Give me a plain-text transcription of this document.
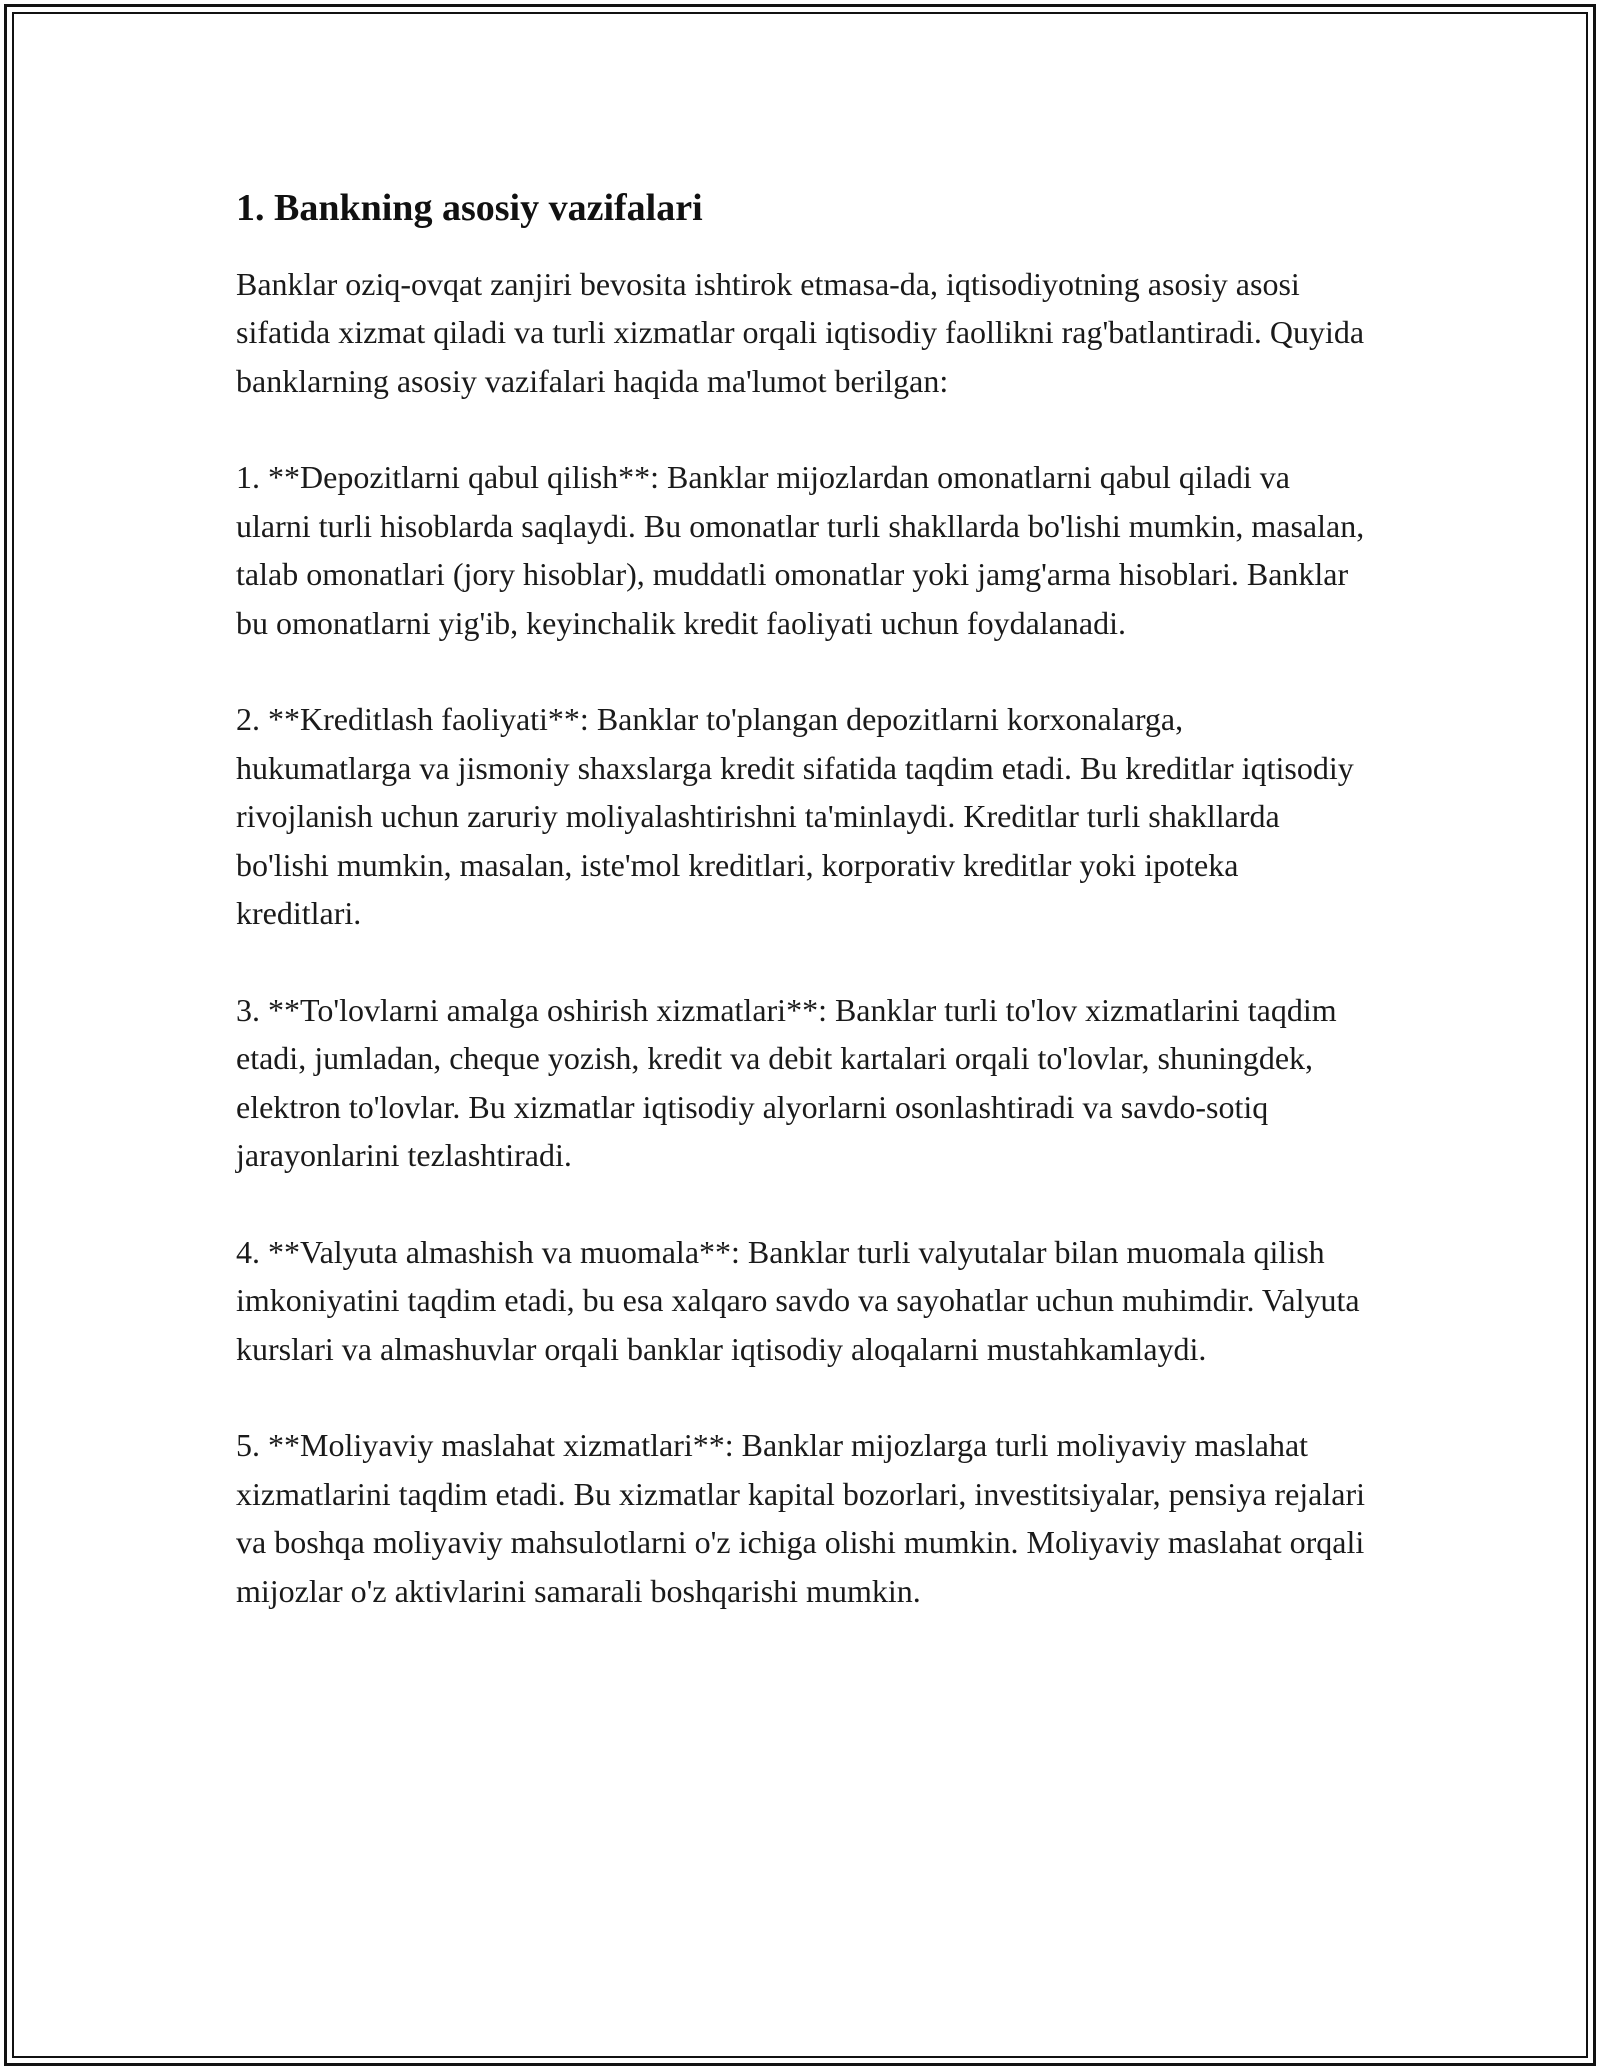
1. Bankning asosiy vazifalari

Banklar oziq-ovqat zanjiri bevosita ishtirok etmasa-da, iqtisodiyotning asosiy asosi sifatida xizmat qiladi va turli xizmatlar orqali iqtisodiy faollikni rag'batlantiradi. Quyida banklarning asosiy vazifalari haqida ma'lumot berilgan:

1. **Depozitlarni qabul qilish**: Banklar mijozlardan omonatlarni qabul qiladi va ularni turli hisoblarda saqlaydi. Bu omonatlar turli shakllarda bo'lishi mumkin, masalan, talab omonatlari (jory hisoblar), muddatli omonatlar yoki jamg'arma hisoblari. Banklar bu omonatlarni yig'ib, keyinchalik kredit faoliyati uchun foydalanadi.

2. **Kreditlash faoliyati**: Banklar to'plangan depozitlarni korxonalarga, hukumatlarga va jismoniy shaxslarga kredit sifatida taqdim etadi. Bu kreditlar iqtisodiy rivojlanish uchun zaruriy moliyalashtirishni ta'minlaydi. Kreditlar turli shakllarda bo'lishi mumkin, masalan, iste'mol kreditlari, korporativ kreditlar yoki ipoteka kreditlari.

3. **To'lovlarni amalga oshirish xizmatlari**: Banklar turli to'lov xizmatlarini taqdim etadi, jumladan, cheque yozish, kredit va debit kartalari orqali to'lovlar, shuningdek, elektron to'lovlar. Bu xizmatlar iqtisodiy alyorlarni osonlashtiradi va savdo-sotiq jarayonlarini tezlashtiradi.

4. **Valyuta almashish va muomala**: Banklar turli valyutalar bilan muomala qilish imkoniyatini taqdim etadi, bu esa xalqaro savdo va sayohatlar uchun muhimdir. Valyuta kurslari va almashuvlar orqali banklar iqtisodiy aloqalarni mustahkamlaydi.

5. **Moliyaviy maslahat xizmatlari**: Banklar mijozlarga turli moliyaviy maslahat xizmatlarini taqdim etadi. Bu xizmatlar kapital bozorlari, investitsiyalar, pensiya rejalari va boshqa moliyaviy mahsulotlarni o'z ichiga olishi mumkin. Moliyaviy maslahat orqali mijozlar o'z aktivlarini samarali boshqarishi mumkin.
